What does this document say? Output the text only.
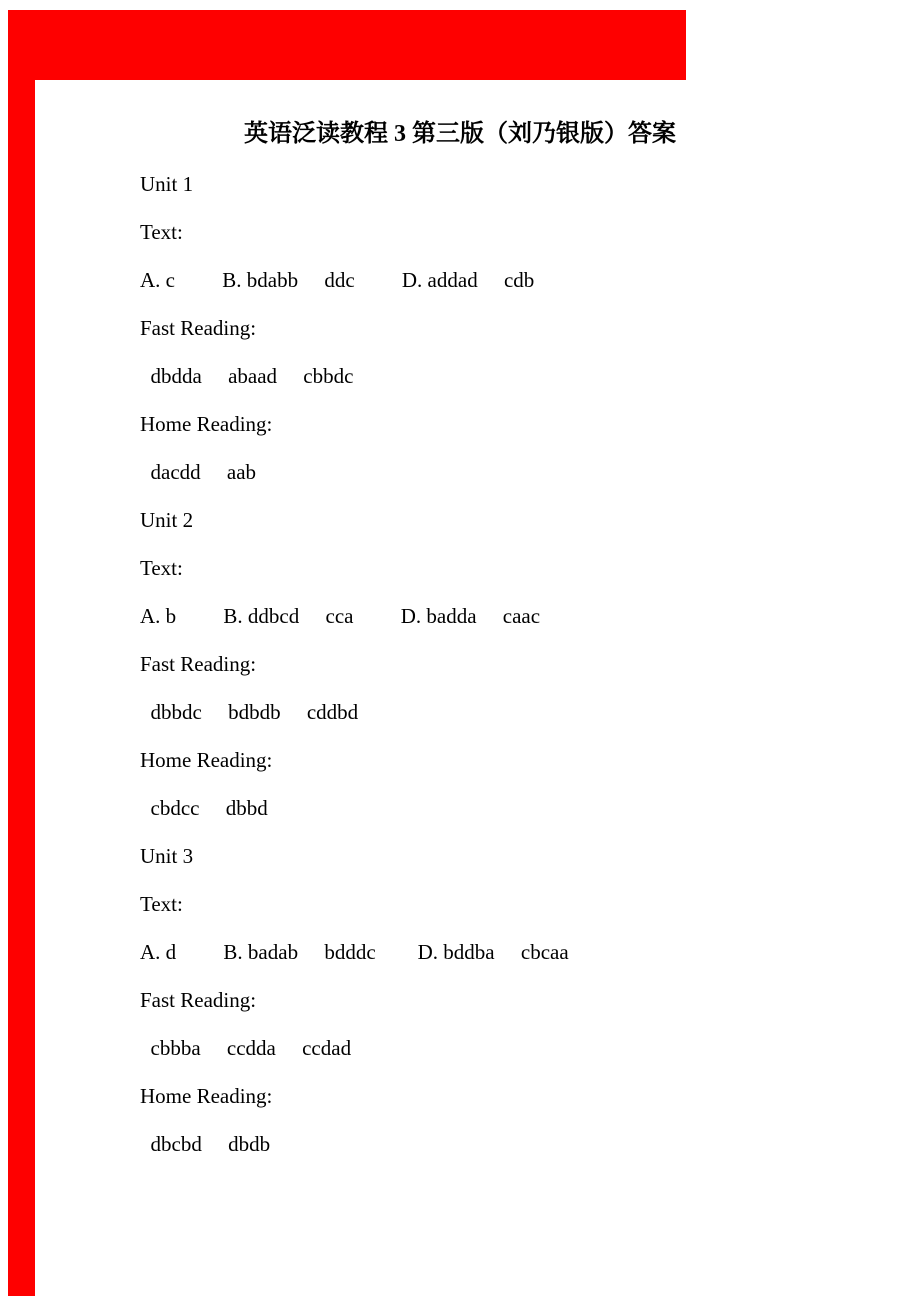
英语泛读教程 3 第三版（刘乃银版）答案

Unit 1

Text:

A. c         B. bdabb     ddc         D. addad     cdb

Fast Reading:

dbdda     abaad     cbbdc

Home Reading:

dacdd     aab

Unit 2

Text:

A. b         B. ddbcd     cca         D. badda     caac

Fast Reading:

dbbdc     bdbdb     cddbd

Home Reading:

cbdcc     dbbd

Unit 3

Text:

A. d         B. badab     bdddc        D. bddba     cbcaa

Fast Reading:

cbbba     ccdda     ccdad

Home Reading:

dbcbd     dbdb
